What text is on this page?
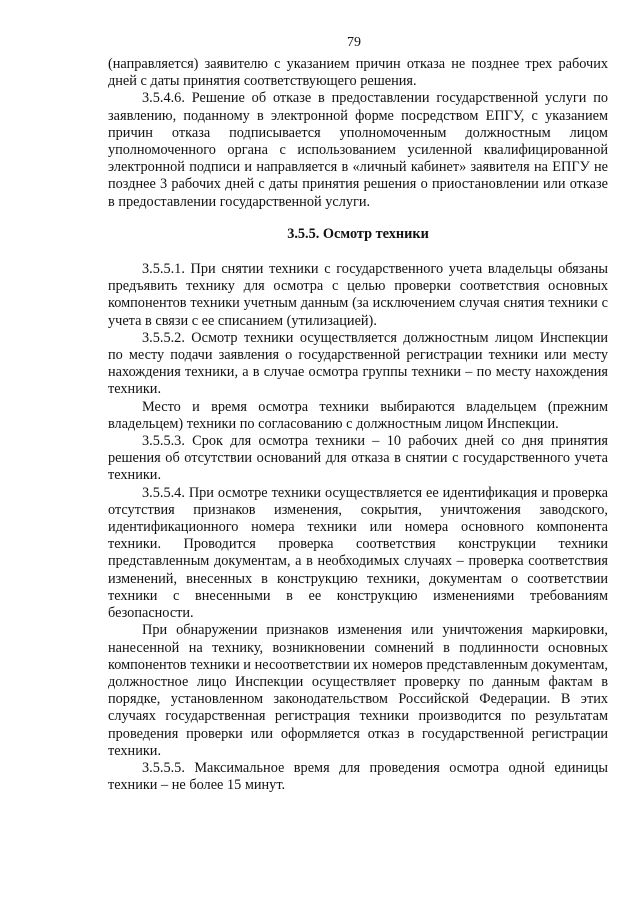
79

(направляется) заявителю с указанием причин отказа не позднее трех рабочих дней с даты принятия соответствующего решения.

3.5.4.6. Решение об отказе в предоставлении государственной услуги по заявлению, поданному в электронной форме посредством ЕПГУ, с указанием причин отказа подписывается уполномоченным должностным лицом уполномоченного органа с использованием усиленной квалифицированной электронной подписи и направляется в «личный кабинет» заявителя на ЕПГУ не позднее 3 рабочих дней с даты принятия решения о приостановлении или отказе в предоставлении государственной услуги.

3.5.5. Осмотр техники

3.5.5.1. При снятии техники с государственного учета владельцы обязаны предъявить технику для осмотра с целью проверки соответствия основных компонентов техники учетным данным (за исключением случая снятия техники с учета в связи с ее списанием (утилизацией).

3.5.5.2. Осмотр техники осуществляется должностным лицом Инспекции по месту подачи заявления о государственной регистрации техники или месту нахождения техники, а в случае осмотра группы техники – по месту нахождения техники.

Место и время осмотра техники выбираются владельцем (прежним владельцем) техники по согласованию с должностным лицом Инспекции.

3.5.5.3. Срок для осмотра техники – 10 рабочих дней со дня принятия решения об отсутствии оснований для отказа в снятии с государственного учета техники.

3.5.5.4. При осмотре техники осуществляется ее идентификация и проверка отсутствия признаков изменения, сокрытия, уничтожения заводского, идентификационного номера техники или номера основного компонента техники. Проводится проверка соответствия конструкции техники представленным документам, а в необходимых случаях – проверка соответствия изменений, внесенных в конструкцию техники, документам о соответствии техники с внесенными в ее конструкцию изменениями требованиям безопасности.

При обнаружении признаков изменения или уничтожения маркировки, нанесенной на технику, возникновении сомнений в подлинности основных компонентов техники и несоответствии их номеров представленным документам, должностное лицо Инспекции осуществляет проверку по данным фактам в порядке, установленном законодательством Российской Федерации. В этих случаях государственная регистрация техники производится по результатам проведения проверки или оформляется отказ в государственной регистрации техники.

3.5.5.5. Максимальное время для проведения осмотра одной единицы техники – не более 15 минут.
